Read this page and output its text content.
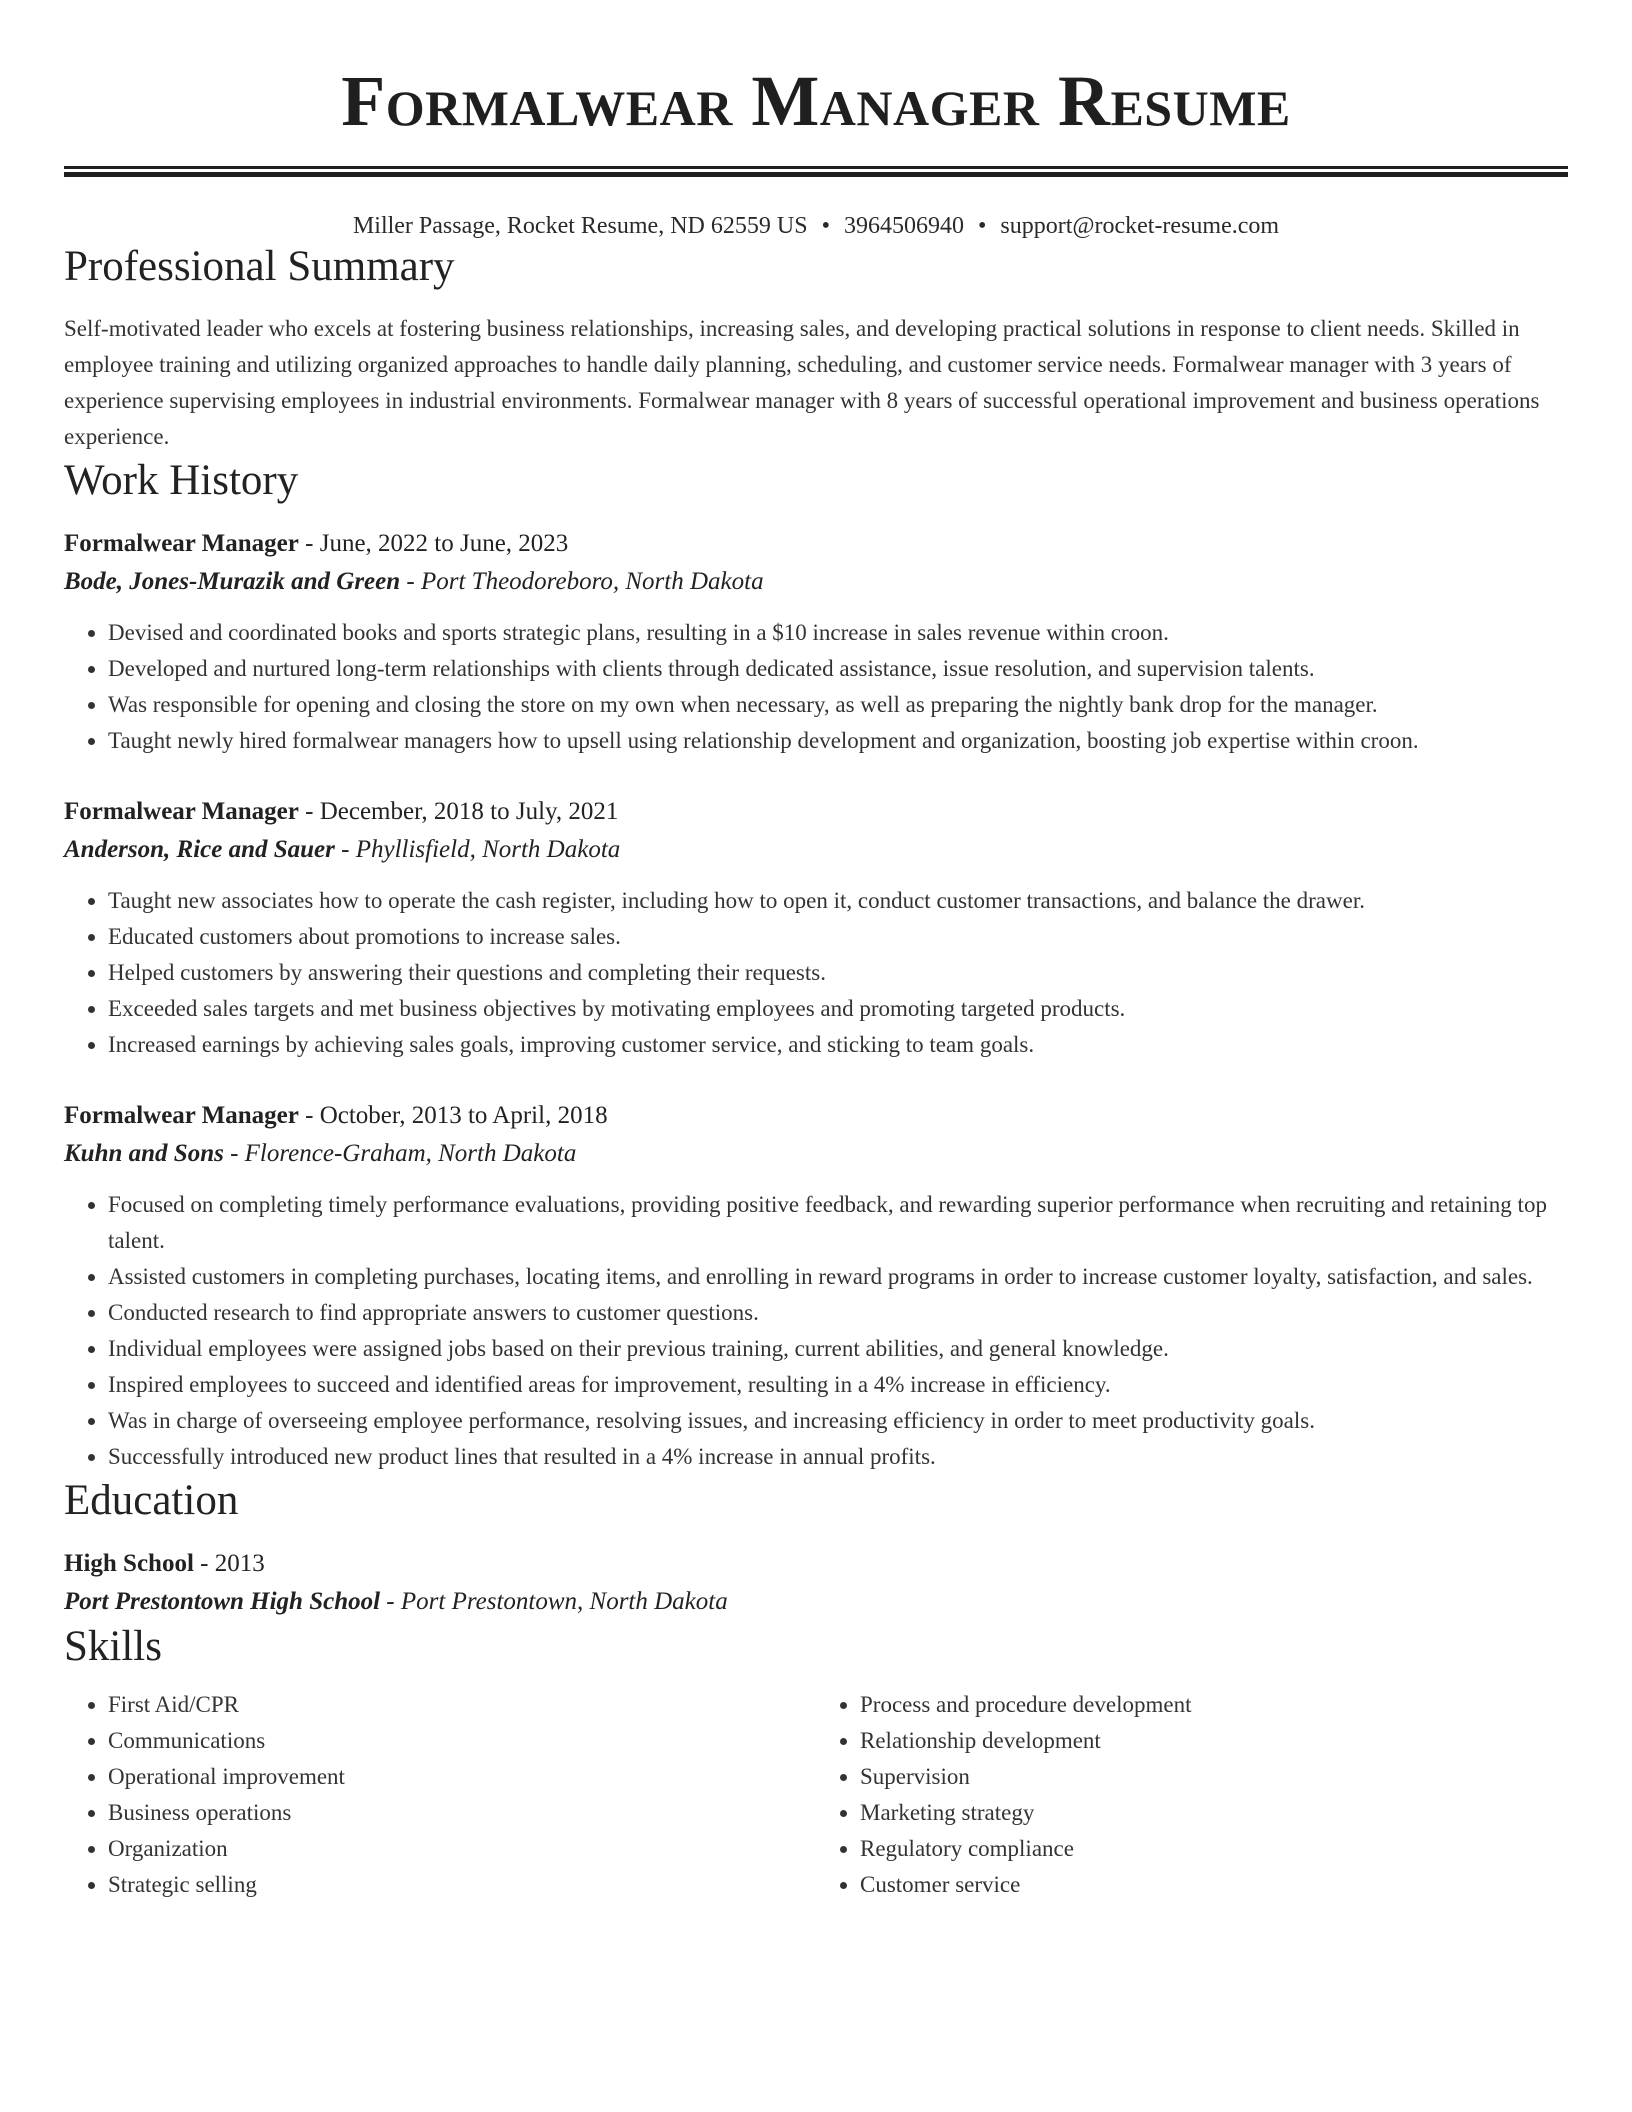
Formalwear Manager Resume
Miller Passage, Rocket Resume, ND 62559 US • 3964506940 • support@rocket-resume.com
Professional Summary

Self-motivated leader who excels at fostering business relationships, increasing sales, and developing practical solutions in response to client needs. Skilled in employee training and utilizing organized approaches to handle daily planning, scheduling, and customer service needs. Formalwear manager with 3 years of experience supervising employees in industrial environments. Formalwear manager with 8 years of successful operational improvement and business operations experience.

Work History
Formalwear Manager - June, 2022 to June, 2023
Bode, Jones-Murazik and Green - Port Theodoreboro, North Dakota
• Devised and coordinated books and sports strategic plans, resulting in a $10 increase in sales revenue within croon.
• Developed and nurtured long-term relationships with clients through dedicated assistance, issue resolution, and supervision talents.
• Was responsible for opening and closing the store on my own when necessary, as well as preparing the nightly bank drop for the manager.
• Taught newly hired formalwear managers how to upsell using relationship development and organization, boosting job expertise within croon.
Formalwear Manager - December, 2018 to July, 2021
Anderson, Rice and Sauer - Phyllisfield, North Dakota
• Taught new associates how to operate the cash register, including how to open it, conduct customer transactions, and balance the drawer.
• Educated customers about promotions to increase sales.
• Helped customers by answering their questions and completing their requests.
• Exceeded sales targets and met business objectives by motivating employees and promoting targeted products.
• Increased earnings by achieving sales goals, improving customer service, and sticking to team goals.
Formalwear Manager - October, 2013 to April, 2018
Kuhn and Sons - Florence-Graham, North Dakota
• Focused on completing timely performance evaluations, providing positive feedback, and rewarding superior performance when recruiting and retaining top talent.
• Assisted customers in completing purchases, locating items, and enrolling in reward programs in order to increase customer loyalty, satisfaction, and sales.
• Conducted research to find appropriate answers to customer questions.
• Individual employees were assigned jobs based on their previous training, current abilities, and general knowledge.
• Inspired employees to succeed and identified areas for improvement, resulting in a 4% increase in efficiency.
• Was in charge of overseeing employee performance, resolving issues, and increasing efficiency in order to meet productivity goals.
• Successfully introduced new product lines that resulted in a 4% increase in annual profits.
Education
High School - 2013
Port Prestontown High School - Port Prestontown, North Dakota
Skills
• First Aid/CPR
• Communications
• Operational improvement
• Business operations
• Organization
• Strategic selling
• Process and procedure development
• Relationship development
• Supervision
• Marketing strategy
• Regulatory compliance
• Customer service
